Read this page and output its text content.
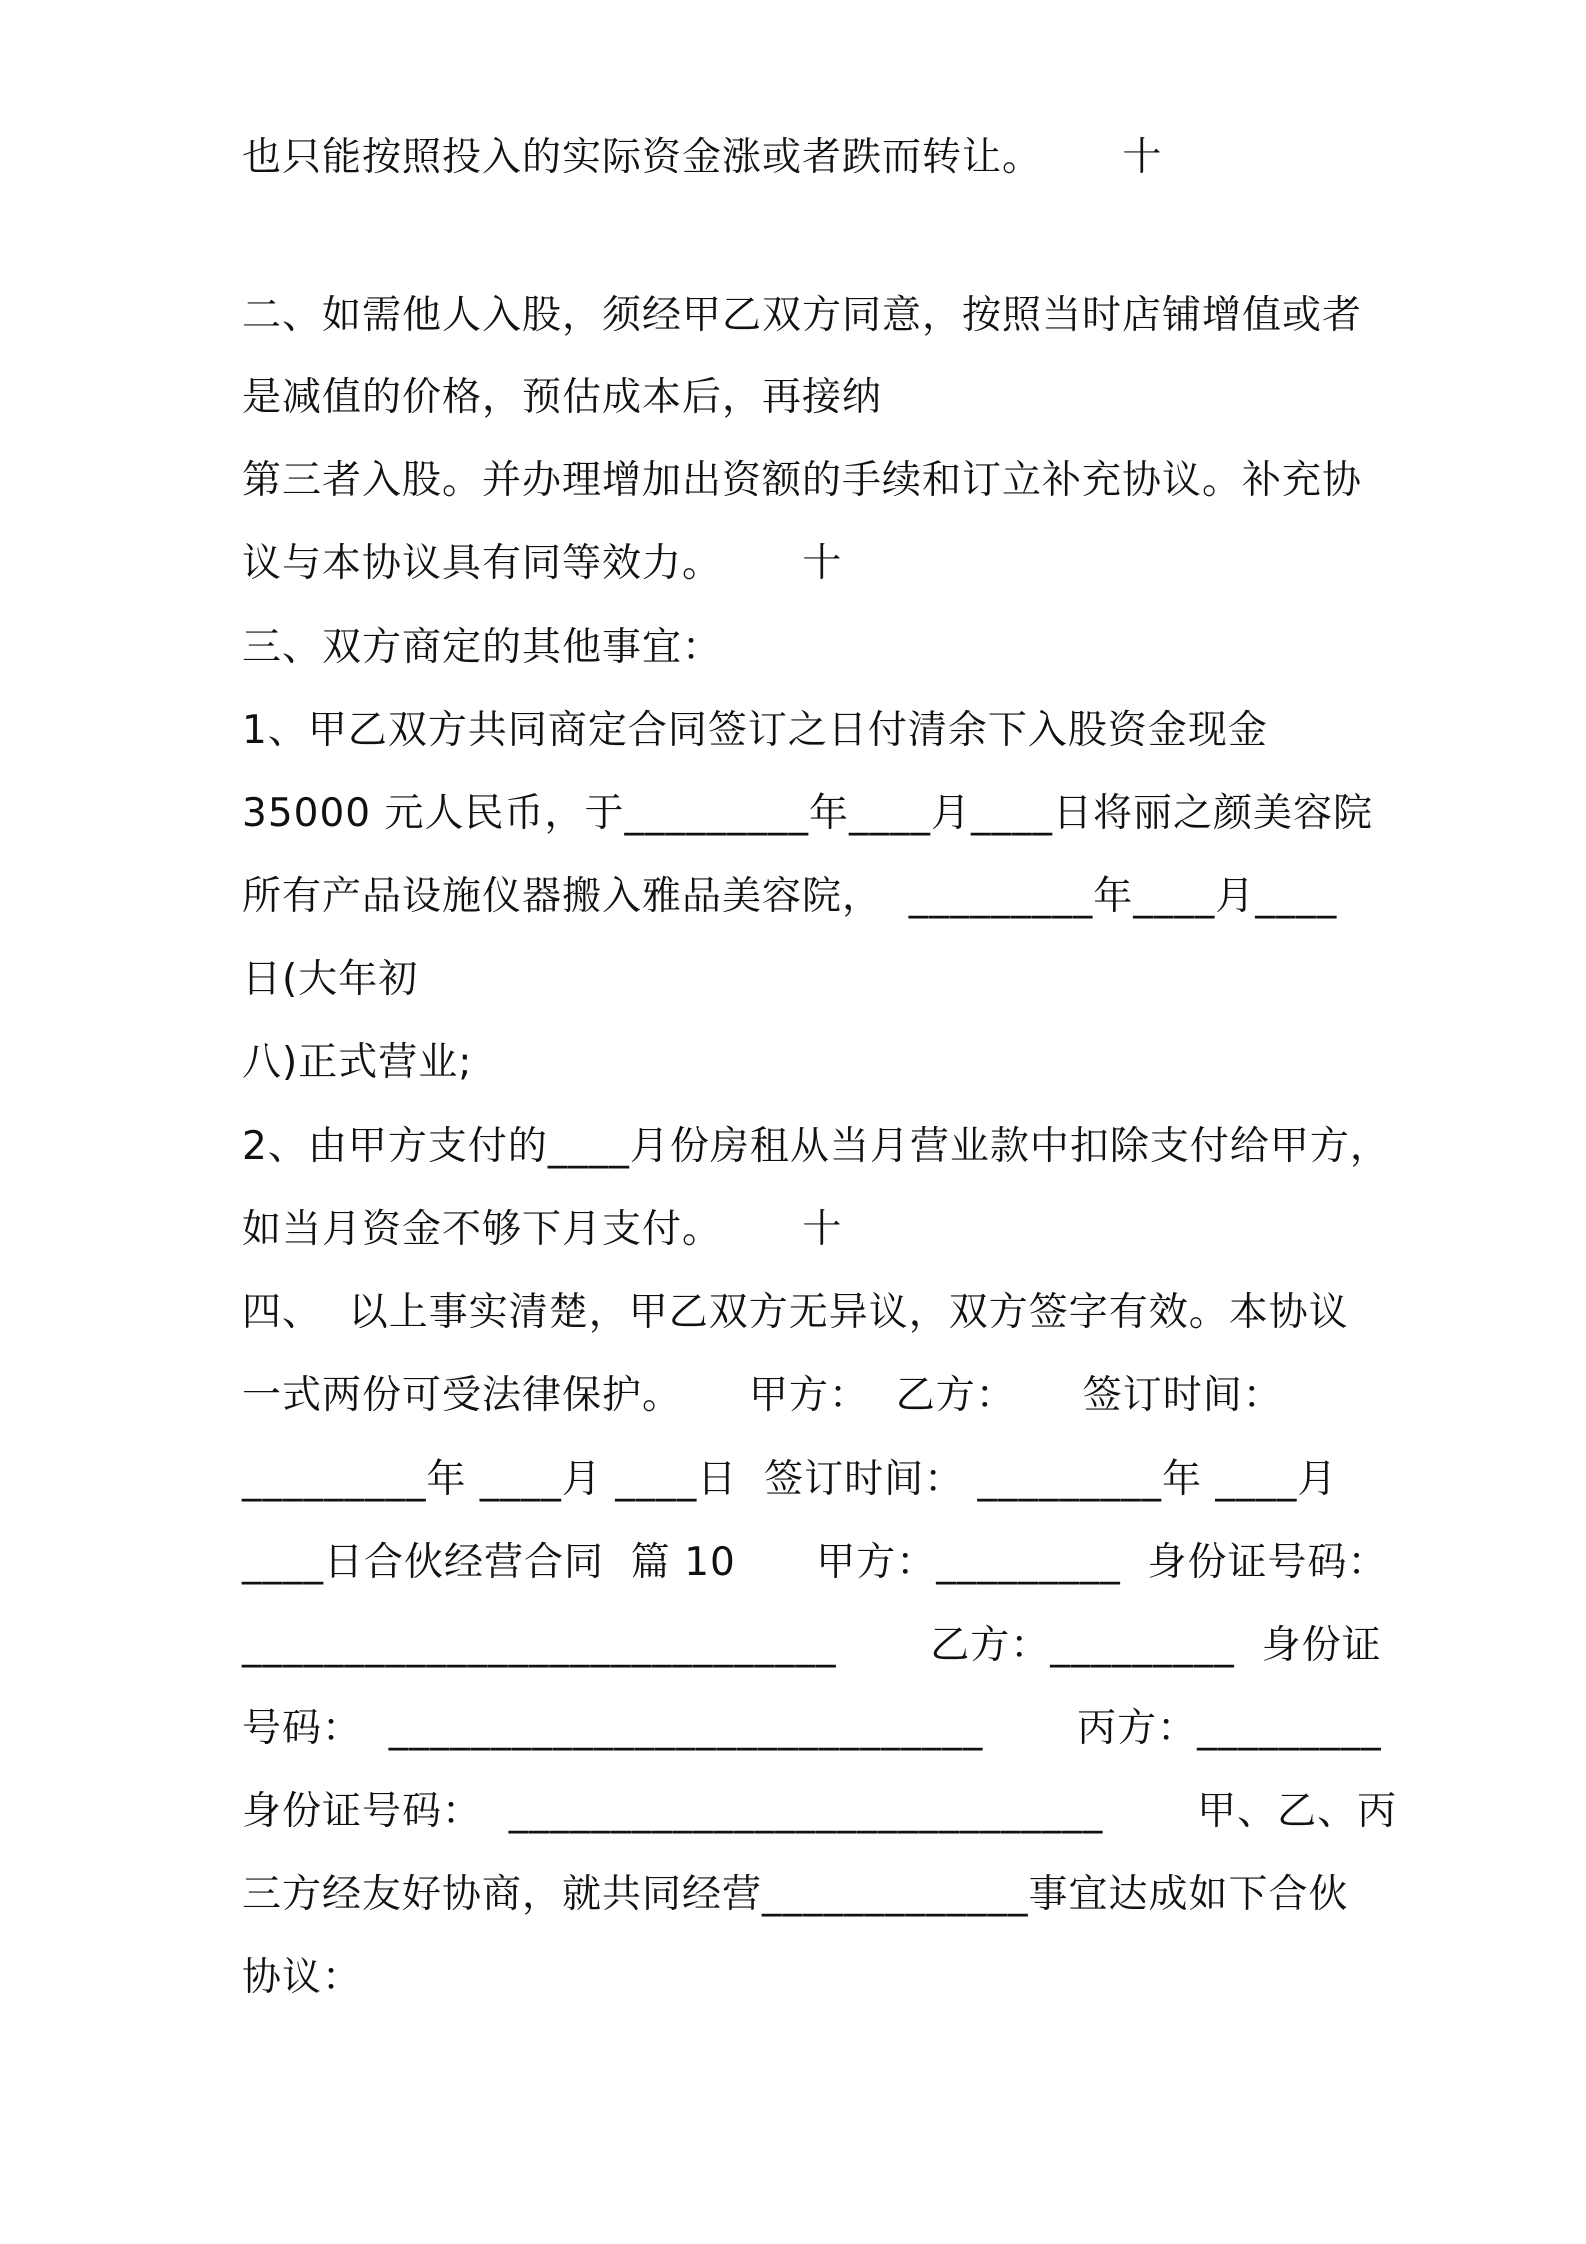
也只能按照投入的实际资金涨或者跌而转让。      十
二、如需他人入股，须经甲乙双方同意，按照当时店铺增值或者
是减值的价格，预估成本后，再接纳
第三者入股。并办理增加出资额的手续和订立补充协议。补充协
议与本协议具有同等效力。      十
三、双方商定的其他事宜：
1、甲乙双方共同商定合同签订之日付清余下入股资金现金
35000 元人民币，于_________年____月____日将丽之颜美容院
所有产品设施仪器搬入雅品美容院，  _________年____月____
日(大年初
八)正式营业;
2、由甲方支付的____月份房租从当月营业款中扣除支付给甲方，
如当月资金不够下月支付。      十
四、  以上事实清楚，甲乙双方无异议，双方签字有效。本协议
一式两份可受法律保护。     甲方：  乙方：     签订时间：
_________年 ____月 ____日  签订时间： _________年 ____月
____日合伙经营合同  篇 10      甲方：_________  身份证号码：
_____________________________       乙方：_________  身份证
号码：  _____________________________       丙方：_________
身份证号码：  _____________________________       甲、乙、丙
三方经友好协商，就共同经营_____________事宜达成如下合伙
协议：
